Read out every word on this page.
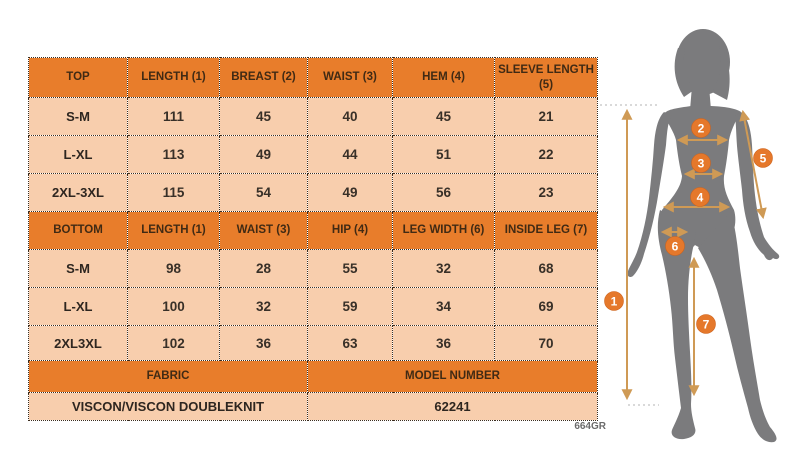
TOP	LENGTH (1)	BREAST (2)	WAIST (3)	HEM (4)	SLEEVE LENGTH (5)
S-M	111	45	40	45	21
L-XL	113	49	44	51	22
2XL-3XL	115	54	49	56	23
BOTTOM	LENGTH (1)	WAIST (3)	HIP (4)	LEG WIDTH (6)	INSIDE LEG (7)
S-M	98	28	55	32	68
L-XL	100	32	59	34	69
2XL3XL	102	36	63	36	70
FABRIC			MODEL NUMBER		
VISCON/VISCON DOUBLEKNIT			62241		
664GR
1
2
3
4
5
6
7
